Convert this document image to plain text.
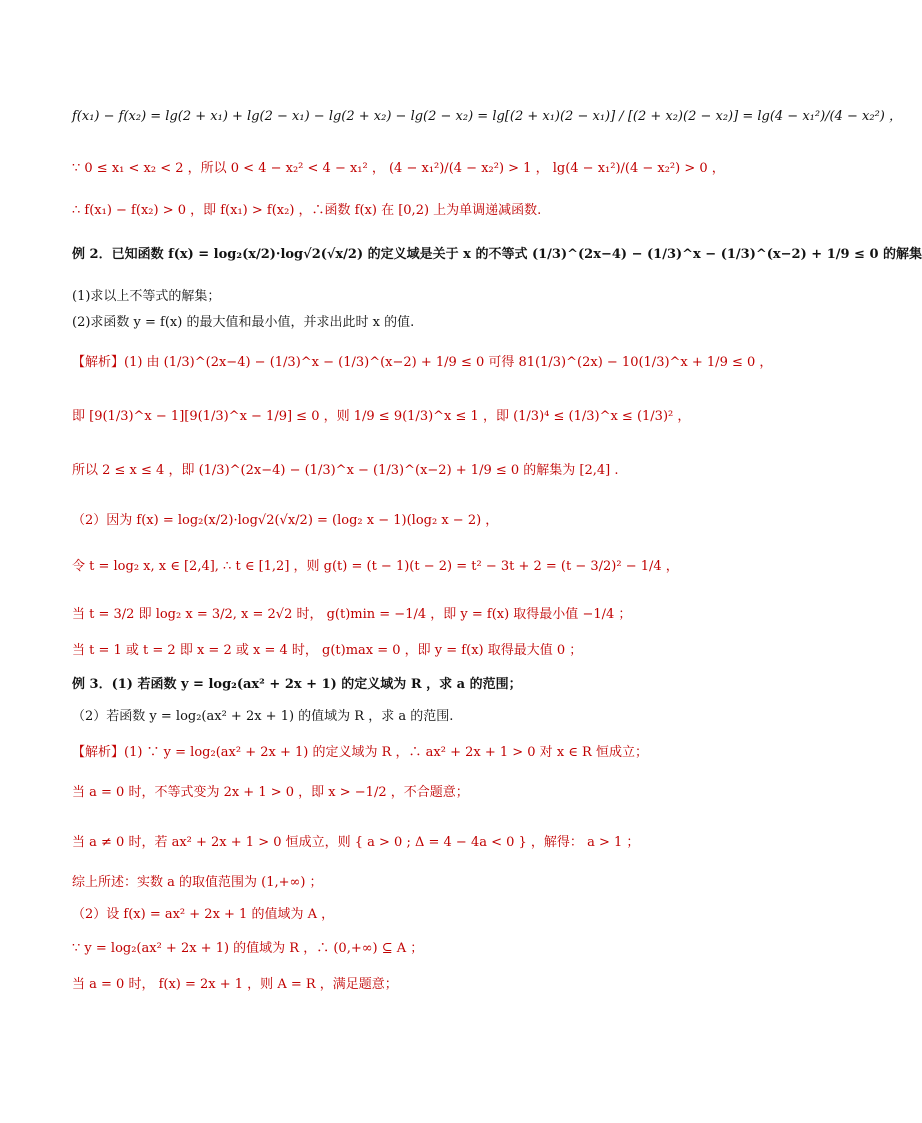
f(x₁) − f(x₂) = lg(2 + x₁) + lg(2 − x₁) − lg(2 + x₂) − lg(2 − x₂) = lg[(2 + x₁)(2 − x₁)] / [(2 + x₂)(2 − x₂)] = lg(4 − x₁²)/(4 − x₂²) ，
∵ 0 ≤ x₁ < x₂ < 2 ，所以 0 < 4 − x₂² < 4 − x₁² ， (4 − x₁²)/(4 − x₂²) > 1 ， lg(4 − x₁²)/(4 − x₂²) > 0 ，
∴ f(x₁) − f(x₂) > 0 ，即 f(x₁) > f(x₂) ，∴函数 f(x) 在 [0,2) 上为单调递减函数.
例 2．已知函数 f(x) = log₂(x/2)·log√2(√x/2) 的定义域是关于 x 的不等式 (1/3)^(2x−4) − (1/3)^x − (1/3)^(x−2) + 1/9 ≤ 0 的解集
(1)求以上不等式的解集；
(2)求函数 y = f(x) 的最大值和最小值，并求出此时 x 的值.
【解析】(1) 由 (1/3)^(2x−4) − (1/3)^x − (1/3)^(x−2) + 1/9 ≤ 0 可得 81(1/3)^(2x) − 10(1/3)^x + 1/9 ≤ 0 ，
即 [9(1/3)^x − 1][9(1/3)^x − 1/9] ≤ 0 ，则 1/9 ≤ 9(1/3)^x ≤ 1 ，即 (1/3)⁴ ≤ (1/3)^x ≤ (1/3)² ，
所以 2 ≤ x ≤ 4 ，即 (1/3)^(2x−4) − (1/3)^x − (1/3)^(x−2) + 1/9 ≤ 0 的解集为 [2,4] .
（2）因为 f(x) = log₂(x/2)·log√2(√x/2) = (log₂ x − 1)(log₂ x − 2) ，
令 t = log₂ x, x ∈ [2,4], ∴ t ∈ [1,2] ，则 g(t) = (t − 1)(t − 2) = t² − 3t + 2 = (t − 3/2)² − 1/4 ，
当 t = 3/2 即 log₂ x = 3/2, x = 2√2 时， g(t)min = −1/4 ，即 y = f(x) 取得最小值 −1/4 ；
当 t = 1 或 t = 2 即 x = 2 或 x = 4 时， g(t)max = 0 ，即 y = f(x) 取得最大值 0 ；
例 3．(1) 若函数 y = log₂(ax² + 2x + 1) 的定义域为 R ，求 a 的范围；
（2）若函数 y = log₂(ax² + 2x + 1) 的值域为 R ，求 a 的范围.
【解析】(1) ∵ y = log₂(ax² + 2x + 1) 的定义域为 R ，∴ ax² + 2x + 1 > 0 对 x ∈ R 恒成立；
当 a = 0 时，不等式变为 2x + 1 > 0 ，即 x > −1/2 ，不合题意；
当 a ≠ 0 时，若 ax² + 2x + 1 > 0 恒成立，则 { a > 0 ; Δ = 4 − 4a < 0 } ，解得： a > 1 ；
综上所述：实数 a 的取值范围为 (1,+∞) ；
（2）设 f(x) = ax² + 2x + 1 的值域为 A ，
∵ y = log₂(ax² + 2x + 1) 的值域为 R ，∴ (0,+∞) ⊆ A ；
当 a = 0 时， f(x) = 2x + 1 ，则 A = R ，满足题意；
